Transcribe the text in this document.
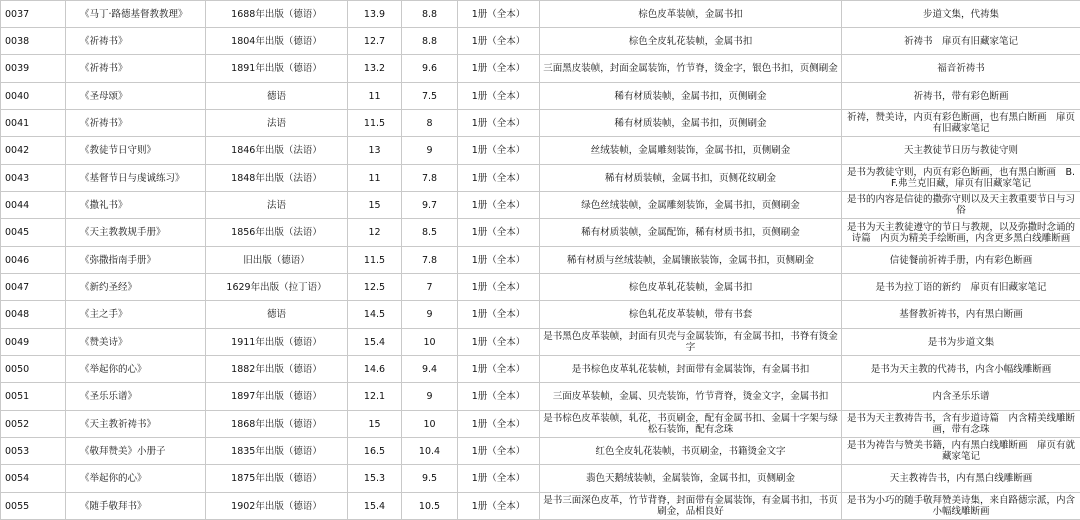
0037	《马丁·路德基督教教理》	1688年出版（德语）	13.9	8.8	1册（全本）	棕色皮革装帧，金属书扣	步道文集，代祷集
0038	《祈祷书》	1804年出版（德语）	12.7	8.8	1册（全本）	棕色全皮轧花装帧，金属书扣	祈祷书　扉页有旧藏家笔记
0039	《祈祷书》	1891年出版（德语）	13.2	9.6	1册（全本）	三面黑皮装帧，封面金属装饰，竹节脊，烫金字，银色书扣，页侧刷金	福音祈祷书
0040	《圣母颂》	德语	11	7.5	1册（全本）	稀有材质装帧，金属书扣，页侧刷金	祈祷书，带有彩色断画
0041	《祈祷书》	法语	11.5	8	1册（全本）	稀有材质装帧，金属书扣，页侧刷金	祈祷，赞美诗，内页有彩色断画，也有黑白断画　扉页有旧藏家笔记
0042	《教徒节日守则》	1846年出版（法语）	13	9	1册（全本）	丝绒装帧，金属雕刻装饰，金属书扣，页侧刷金	天主教徒节日历与教徒守则
0043	《基督节日与虔诚练习》	1848年出版（法语）	11	7.8	1册（全本）	稀有材质装帧，金属书扣，页侧花纹刷金	是书为教徒守则，内页有彩色断画，也有黑白断画　B.F.弗兰克旧藏，扉页有旧藏家笔记
0044	《撒礼书》	法语	15	9.7	1册（全本）	绿色丝绒装帧，金属雕刻装饰，金属书扣，页侧刷金	是书的内容是信徒的撒弥守则以及天主教重要节日与习俗
0045	《天主教教规手册》	1856年出版（法语）	12	8.5	1册（全本）	稀有材质装帧，金属配饰，稀有材质书扣，页侧刷金	是书为天主教徒遵守的节日与教规，以及弥撒时念诵的诗篇　内页为精美手绘断画，内含更多黑白线雕断画
0046	《弥撒指南手册》	旧出版（德语）	11.5	7.8	1册（全本）	稀有材质与丝绒装帧，金属镶嵌装饰，金属书扣，页侧刷金	信徒餐前祈祷手册，内有彩色断画
0047	《新约圣经》	1629年出版（拉丁语）	12.5	7	1册（全本）	棕色皮革轧花装帧，金属书扣	是书为拉丁语的新约　扉页有旧藏家笔记
0048	《主之手》	德语	14.5	9	1册（全本）	棕色轧花皮革装帧，带有书套	基督教祈祷书，内有黑白断画
0049	《赞美诗》	1911年出版（德语）	15.4	10	1册（全本）	是书黑色皮革装帧，封面有贝壳与金属装饰，有金属书扣，书脊有烫金字	是书为步道文集
0050	《举起你的心》	1882年出版（德语）	14.6	9.4	1册（全本）	是书棕色皮革轧花装帧，封面带有金属装饰，有金属书扣	是书为天主教的代祷书，内含小幅线雕断画
0051	《圣乐乐谱》	1897年出版（德语）	12.1	9	1册（全本）	三面皮革装帧，金属、贝壳装饰，竹节背脊，烫金文字，金属书扣	内含圣乐乐谱
0052	《天主教祈祷书》	1868年出版（德语）	15	10	1册（全本）	是书棕色皮革装帧，轧花，书页刷金，配有金属书扣、金属十字架与绿松石装饰，配有念珠	是书为天主教祷告书，含有步道诗篇　内含精美线雕断画，带有念珠
0053	《敬拜赞美》小册子	1835年出版（德语）	16.5	10.4	1册（全本）	红色全皮轧花装帧，书页刷金，书籍烫金文字	是书为祷告与赞美书籍，内有黑白线雕断画　扉页有就藏家笔记
0054	《举起你的心》	1875年出版（德语）	15.3	9.5	1册（全本）	翡色天鹅绒装帧，金属装饰，金属书扣，页侧刷金	天主教祷告书，内有黑白线雕断画
0055	《随手敬拜书》	1902年出版（德语）	15.4	10.5	1册（全本）	是书三面深色皮革，竹节背脊，封面带有金属装饰，有金属书扣，书页刷金，品相良好	是书为小巧的随手敬拜赞美诗集，来自路德宗派，内含小幅线雕断画
